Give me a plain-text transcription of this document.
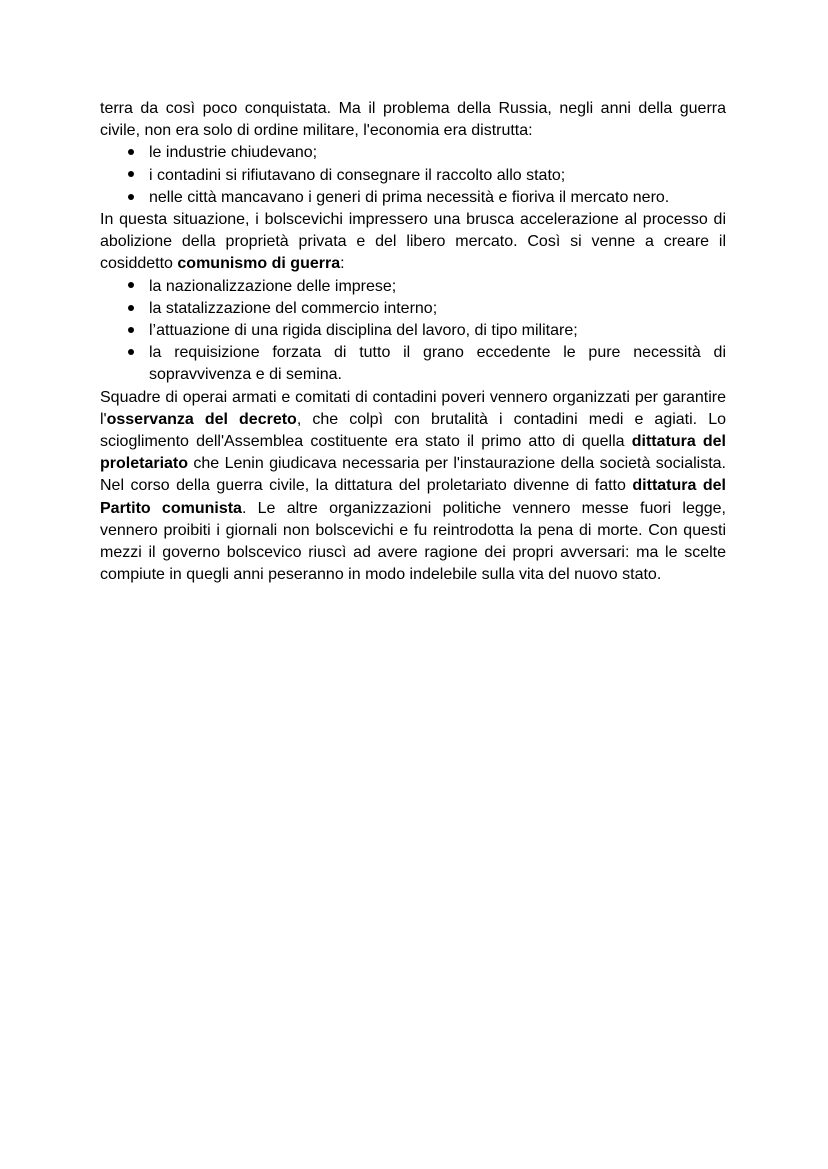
terra da così poco conquistata. Ma il problema della Russia, negli anni della guerra civile, non era solo di ordine militare, l'economia era distrutta:

le industrie chiudevano;
i contadini si rifiutavano di consegnare il raccolto allo stato;
nelle città mancavano i generi di prima necessità e fioriva il mercato nero.

In questa situazione, i bolscevichi impressero una brusca accelerazione al processo di abolizione della proprietà privata e del libero mercato. Così si venne a creare il cosiddetto comunismo di guerra:

la nazionalizzazione delle imprese;
la statalizzazione del commercio interno;
l’attuazione di una rigida disciplina del lavoro, di tipo militare;
la requisizione forzata di tutto il grano eccedente le pure necessità di sopravvivenza e di semina.

Squadre di operai armati e comitati di contadini poveri vennero organizzati per garantire l'osservanza del decreto, che colpì con brutalità i contadini medi e agiati. Lo scioglimento dell'Assemblea costituente era stato il primo atto di quella dittatura del proletariato che Lenin giudicava necessaria per l'instaurazione della società socialista. Nel corso della guerra civile, la dittatura del proletariato divenne di fatto dittatura del Partito comunista. Le altre organizzazioni politiche vennero messe fuori legge, vennero proibiti i giornali non bolscevichi e fu reintrodotta la pena di morte. Con questi mezzi il governo bolscevico riuscì ad avere ragione dei propri avversari: ma le scelte compiute in quegli anni peseranno in modo indelebile sulla vita del nuovo stato.
